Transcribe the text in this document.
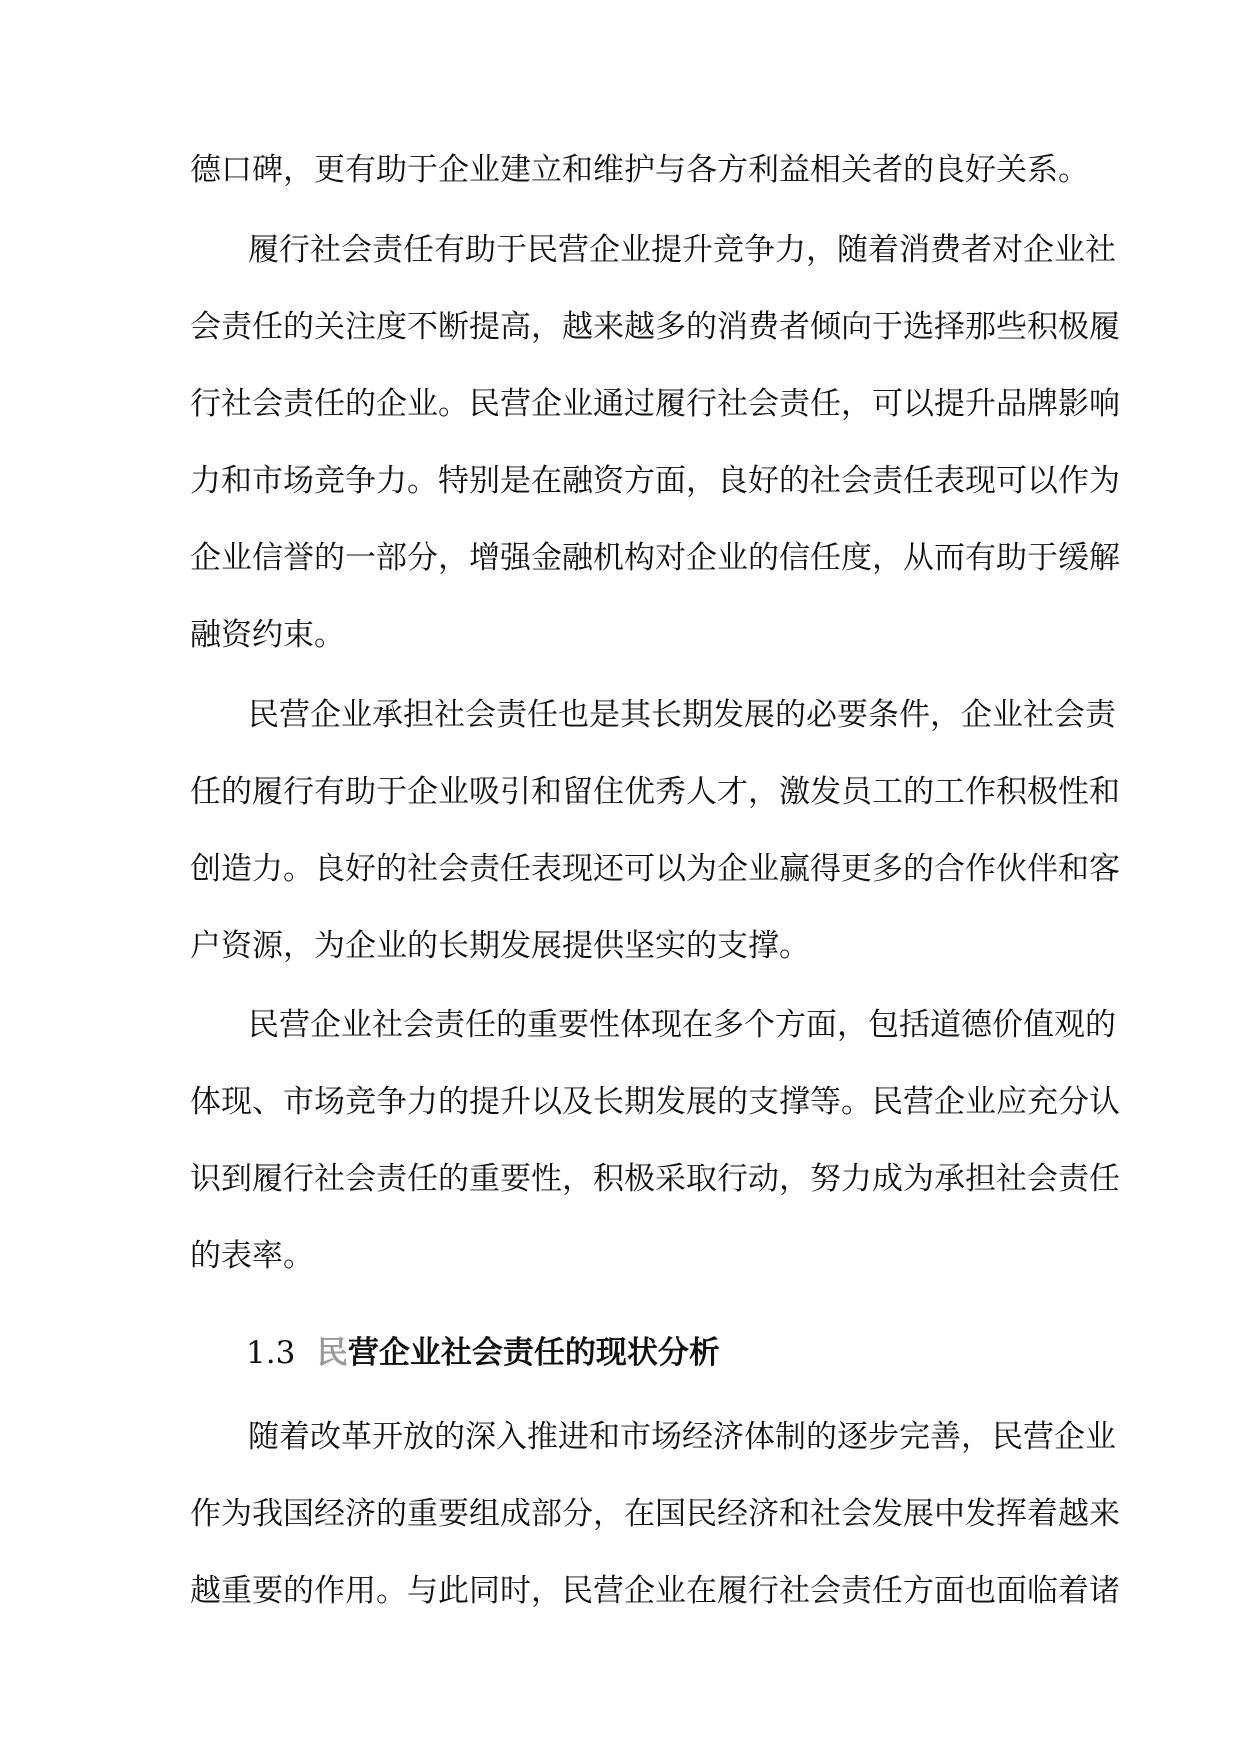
德口碑，更有助于企业建立和维护与各方利益相关者的良好关系。
履行社会责任有助于民营企业提升竞争力，随着消费者对企业社
会责任的关注度不断提高，越来越多的消费者倾向于选择那些积极履
行社会责任的企业。民营企业通过履行社会责任，可以提升品牌影响
力和市场竞争力。特别是在融资方面，良好的社会责任表现可以作为
企业信誉的一部分，增强金融机构对企业的信任度，从而有助于缓解
融资约束。
民营企业承担社会责任也是其长期发展的必要条件，企业社会责
任的履行有助于企业吸引和留住优秀人才，激发员工的工作积极性和
创造力。良好的社会责任表现还可以为企业赢得更多的合作伙伴和客
户资源，为企业的长期发展提供坚实的支撑。
民营企业社会责任的重要性体现在多个方面，包括道德价值观的
体现、市场竞争力的提升以及长期发展的支撑等。民营企业应充分认
识到履行社会责任的重要性，积极采取行动，努力成为承担社会责任
的表率。
1.3 民营企业社会责任的现状分析
随着改革开放的深入推进和市场经济体制的逐步完善，民营企业
作为我国经济的重要组成部分，在国民经济和社会发展中发挥着越来
越重要的作用。与此同时，民营企业在履行社会责任方面也面临着诸
